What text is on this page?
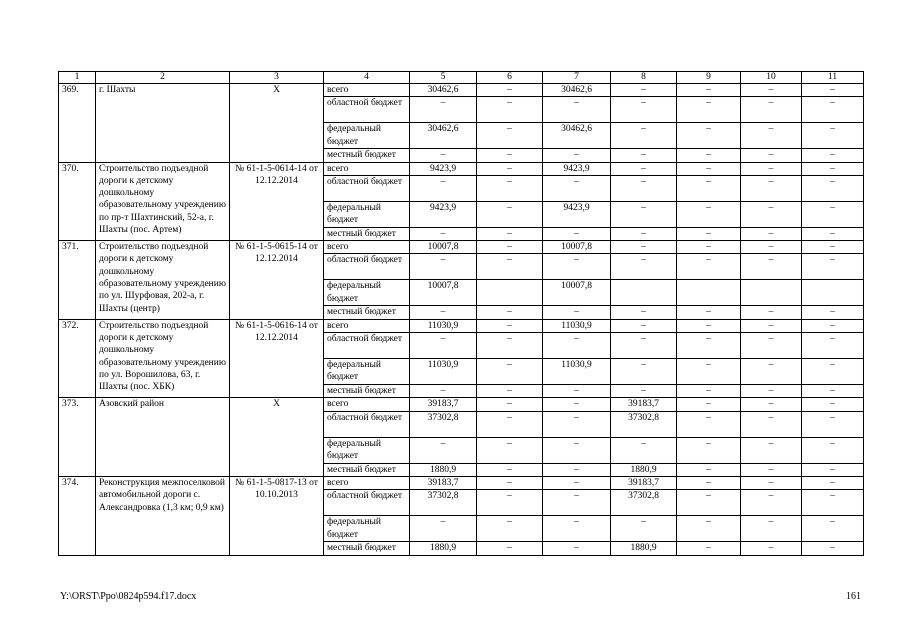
1	2	3	4	5	6	7	8	9	10	11
369.	г. Шахты	Х	всего	30462,6	–	30462,6	–	–	–	–
			областной бюджет	–	–	–	–	–	–	–
			федеральный бюджет	30462,6	–	30462,6	–	–	–	–
			местный бюджет	–	–	–	–	–	–	–
370.	Строительство подъездной дороги к детскому дошкольному образовательному учреждению по пр-т Шахтинский, 52-а, г. Шахты (пос. Артем)	№ 61-1-5-0614-14 от 12.12.2014	всего	9423,9	–	9423,9	–	–	–	–
			областной бюджет	–	–	–	–	–	–	–
			федеральный бюджет	9423,9	–	9423,9	–	–	–	–
			местный бюджет	–	–	–	–	–	–	–
371.	Строительство подъездной дороги к детскому дошкольному образовательному учреждению по ул. Шурфовая, 202-а, г. Шахты (центр)	№ 61-1-5-0615-14 от 12.12.2014	всего	10007,8	–	10007,8	–	–	–	–
			областной бюджет	–	–	–	–	–	–	–
			федеральный бюджет	10007,8		10007,8				
			местный бюджет	–	–	–	–	–	–	–
372.	Строительство подъездной дороги к детскому дошкольному образовательному учреждению по ул. Ворошилова, 63, г. Шахты (пос. ХБК)	№ 61-1-5-0616-14 от 12.12.2014	всего	11030,9	–	11030,9	–	–	–	–
			областной бюджет	–	–	–	–	–	–	–
			федеральный бюджет	11030,9	–	11030,9	–	–	–	–
			местный бюджет	–	–	–	–	–	–	–
373.	Азовский район	Х	всего	39183,7	–	–	39183,7	–	–	–
			областной бюджет	37302,8	–	–	37302,8	–	–	–
			федеральный бюджет	–	–	–	–	–	–	–
			местный бюджет	1880,9	–	–	1880,9	–	–	–
374.	Реконструкция межпоселковой автомобильной дороги с. Александровка (1,3 км; 0,9 км)	№ 61-1-5-0817-13 от 10.10.2013	всего	39183,7	–	–	39183,7	–	–	–
			областной бюджет	37302,8	–	–	37302,8	–	–	–
			федеральный бюджет	–	–	–	–	–	–	–
			местный бюджет	1880,9	–	–	1880,9	–	–	–
Y:\ORST\Ppo\0824p594.f17.docx	161
